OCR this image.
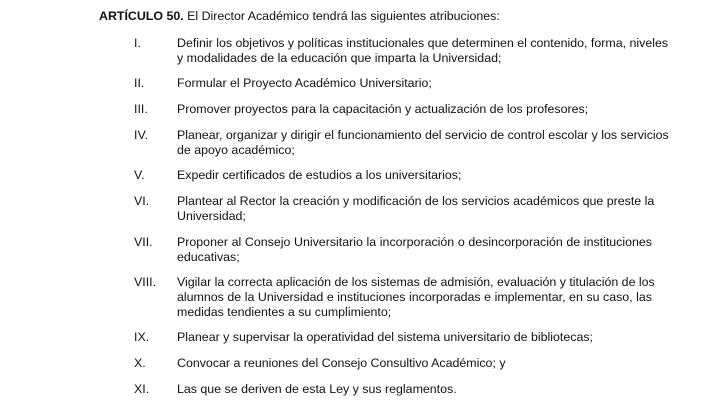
ARTÍCULO 50. El Director Académico tendrá las siguientes atribuciones:
I.	Definir los objetivos y políticas institucionales que determinen el contenido, forma, niveles
y modalidades de la educación que imparta la Universidad;
II.	Formular el Proyecto Académico Universitario;
III. Promover proyectos para la capacitación y actualización de los profesores;
IV. Planear, organizar y dirigir el funcionamiento del servicio de control escolar y los servicios
de apoyo académico;
V.	Expedir certificados de estudios a los universitarios;
VI. Plantear al Rector la creación y modificación de los servicios académicos que preste la
Universidad;
VII. Proponer al Consejo Universitario la incorporación o desincorporación de instituciones
educativas;
VIII. Vigilar la correcta aplicación de los sistemas de admisión, evaluación y titulación de los
alumnos de la Universidad e instituciones incorporadas e implementar, en su caso, las
medidas tendientes a su cumplimiento;
IX. Planear y supervisar la operatividad del sistema universitario de bibliotecas;
X.	Convocar a reuniones del Consejo Consultivo Académico; y
XI. Las que se deriven de esta Ley y sus reglamentos.
